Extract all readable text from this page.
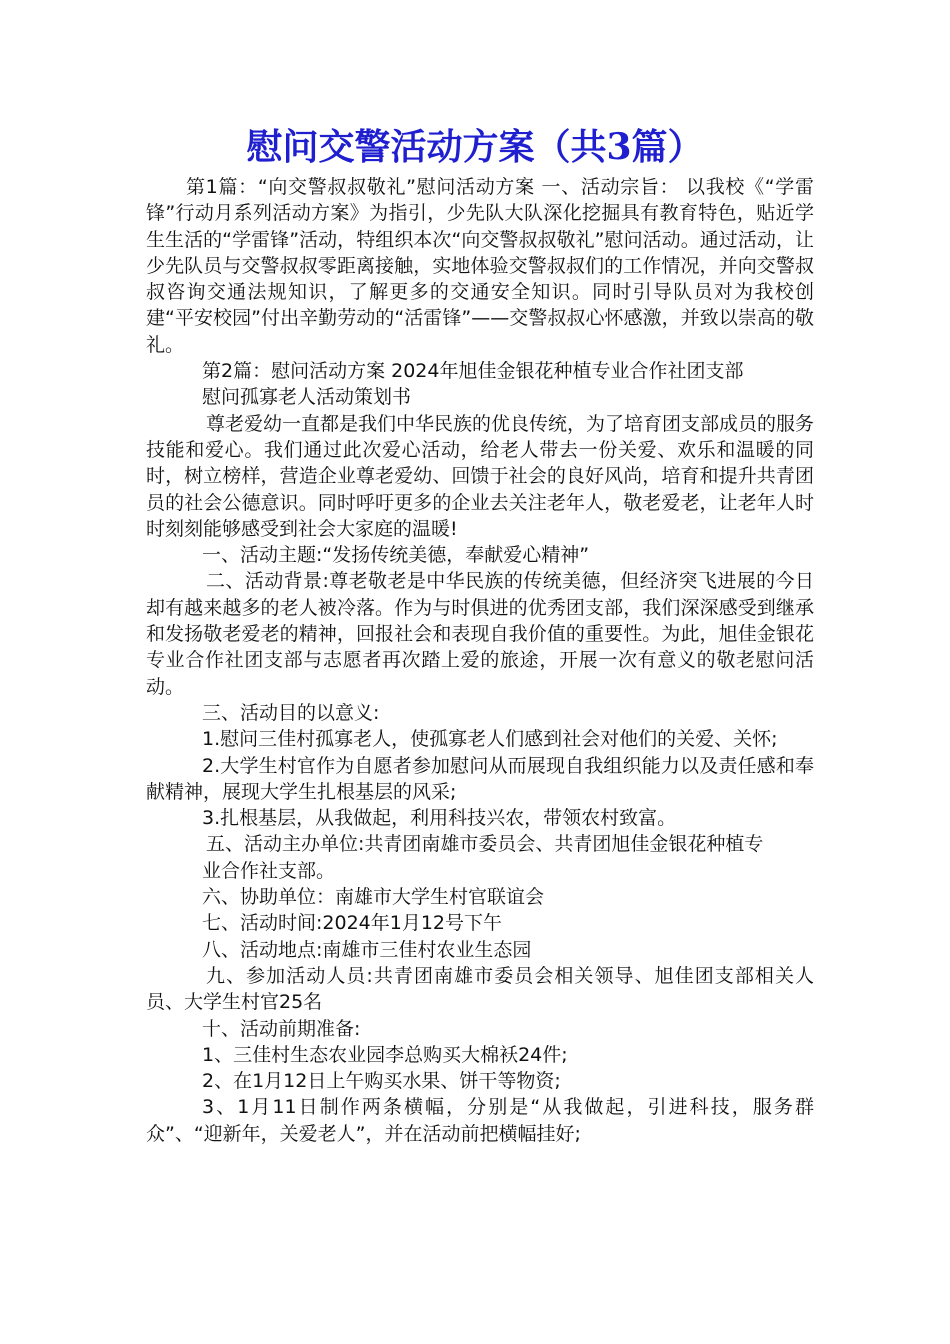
慰问交警活动方案（共3篇）

第1篇：“向交警叔叔敬礼”慰问活动方案 一、活动宗旨： 以我校《“学雷锋”行动月系列活动方案》为指引，少先队大队深化挖掘具有教育特色，贴近学生生活的“学雷锋”活动，特组织本次“向交警叔叔敬礼”慰问活动。通过活动，让少先队员与交警叔叔零距离接触，实地体验交警叔叔们的工作情况，并向交警叔叔咨询交通法规知识，了解更多的交通安全知识。同时引导队员对为我校创建“平安校园”付出辛勤劳动的“活雷锋”——交警叔叔心怀感激，并致以崇高的敬礼。

第2篇：慰问活动方案 2024年旭佳金银花种植专业合作社团支部

慰问孤寡老人活动策划书

尊老爱幼一直都是我们中华民族的优良传统，为了培育团支部成员的服务技能和爱心。我们通过此次爱心活动，给老人带去一份关爱、欢乐和温暖的同时，树立榜样，营造企业尊老爱幼、回馈于社会的良好风尚，培育和提升共青团员的社会公德意识。同时呼吁更多的企业去关注老年人，敬老爱老，让老年人时时刻刻能够感受到社会大家庭的温暖!

一、活动主题:“发扬传统美德，奉献爱心精神”

二、活动背景:尊老敬老是中华民族的传统美德，但经济突飞进展的今日却有越来越多的老人被冷落。作为与时俱进的优秀团支部，我们深深感受到继承和发扬敬老爱老的精神，回报社会和表现自我价值的重要性。为此，旭佳金银花专业合作社团支部与志愿者再次踏上爱的旅途，开展一次有意义的敬老慰问活动。

三、活动目的以意义:

1.慰问三佳村孤寡老人，使孤寡老人们感到社会对他们的关爱、关怀;

2.大学生村官作为自愿者参加慰问从而展现自我组织能力以及责任感和奉献精神，展现大学生扎根基层的风采;

3.扎根基层，从我做起，利用科技兴农，带领农村致富。

五、活动主办单位:共青团南雄市委员会、共青团旭佳金银花种植专

业合作社支部。

六、协助单位：南雄市大学生村官联谊会

七、活动时间:2024年1月12号下午

八、活动地点:南雄市三佳村农业生态园

九、参加活动人员:共青团南雄市委员会相关领导、旭佳团支部相关人员、大学生村官25名

十、活动前期准备:

1、三佳村生态农业园李总购买大棉袄24件;

2、在1月12日上午购买水果、饼干等物资;

3、1月11日制作两条横幅，分别是“从我做起，引进科技，服务群众”、“迎新年，关爱老人”，并在活动前把横幅挂好;
